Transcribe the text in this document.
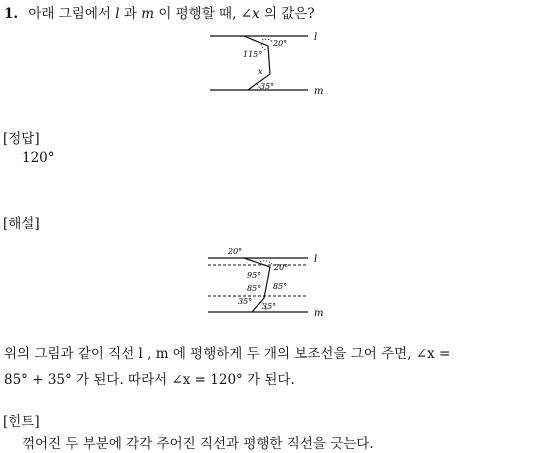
1. 아래 그림에서 l 과 m 이 평행할 때, ∠x 의 값은?
l
m
20°
115°
x
35°
[정답]
120°
[해설]
20°
20°
95°
85° 85°
35°
35°
l
m
위의 그림과 같이 직선 l , m 에 평행하게 두 개의 보조선을 그어 주면, ∠x =
85° + 35° 가 된다. 따라서 ∠x = 120° 가 된다.
[힌트]
꺾어진 두 부분에 각각 주어진 직선과 평행한 직선을 긋는다.
